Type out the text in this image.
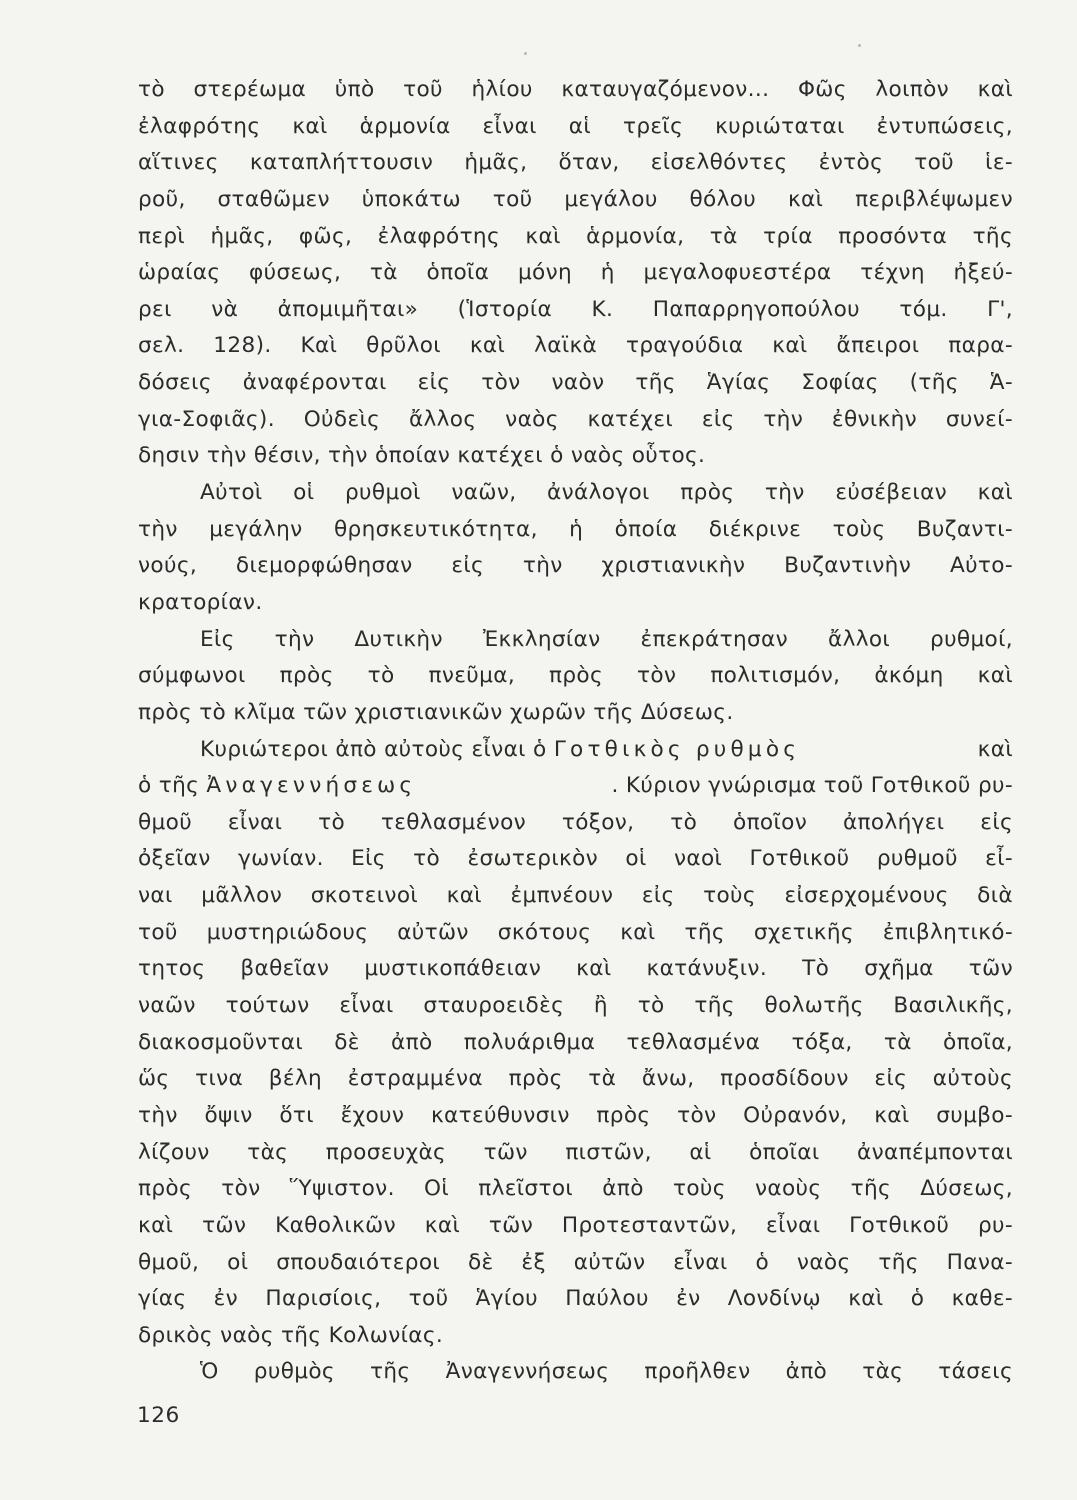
τὸ στερέωμα ὑπὸ τοῦ ἡλίου καταυγαζόμενον... Φῶς λοιπὸν καὶ
ἐλαφρότης καὶ ἁρμονία εἶναι αἱ τρεῖς κυριώταται ἐντυπώσεις,
αἵτινες καταπλήττουσιν ἡμᾶς, ὅταν, εἰσελθόντες ἐντὸς τοῦ ἱε-
ροῦ, σταθῶμεν ὑποκάτω τοῦ μεγάλου θόλου καὶ περιβλέψωμεν
περὶ ἡμᾶς, φῶς, ἐλαφρότης καὶ ἁρμονία, τὰ τρία προσόντα τῆς
ὡραίας φύσεως, τὰ ὁποῖα μόνη ἡ μεγαλοφυεστέρα τέχνη ἠξεύ-
ρει νὰ ἀπομιμῆται» (Ἱστορία Κ. Παπαρρηγοπούλου τόμ. Γ',
σελ. 128). Καὶ θρῦλοι καὶ λαϊκὰ τραγούδια καὶ ἄπειροι παρα-
δόσεις ἀναφέρονται εἰς τὸν ναὸν τῆς Ἁγίας Σοφίας (τῆς Ἁ-
για-Σοφιᾶς). Οὐδεὶς ἄλλος ναὸς κατέχει εἰς τὴν ἐθνικὴν συνεί-
δησιν τὴν θέσιν, τὴν ὁποίαν κατέχει ὁ ναὸς οὗτος.
Αὐτοὶ οἱ ρυθμοὶ ναῶν, ἀνάλογοι πρὸς τὴν εὐσέβειαν καὶ
τὴν μεγάλην θρησκευτικότητα, ἡ ὁποία διέκρινε τοὺς Βυζαντι-
νούς, διεμορφώθησαν εἰς τὴν χριστιανικὴν Βυζαντινὴν Αὐτο-
κρατορίαν.
Εἰς τὴν Δυτικὴν Ἐκκλησίαν ἐπεκράτησαν ἄλλοι ρυθμοί,
σύμφωνοι πρὸς τὸ πνεῦμα, πρὸς τὸν πολιτισμόν, ἀκόμη καὶ
πρὸς τὸ κλῖμα τῶν χριστιανικῶν χωρῶν τῆς Δύσεως.
Κυριώτεροι ἀπὸ αὐτοὺς εἶναι ὁ Γοτθικὸς ρυθμὸς	καὶ
ὁ τῆς Ἀναγεννήσεως	. Κύριον γνώρισμα τοῦ Γοτθικοῦ ρυ-
θμοῦ εἶναι τὸ τεθλασμένον τόξον, τὸ ὁποῖον ἀπολήγει εἰς
ὀξεῖαν γωνίαν. Εἰς τὸ ἐσωτερικὸν οἱ ναοὶ Γοτθικοῦ ρυθμοῦ εἶ-
ναι μᾶλλον σκοτεινοὶ καὶ ἐμπνέουν εἰς τοὺς εἰσερχομένους διὰ
τοῦ μυστηριώδους αὐτῶν σκότους καὶ τῆς σχετικῆς ἐπιβλητικό-
τητος βαθεῖαν μυστικοπάθειαν καὶ κατάνυξιν. Τὸ σχῆμα τῶν
ναῶν τούτων εἶναι σταυροειδὲς ἢ τὸ τῆς θολωτῆς Βασιλικῆς,
διακοσμοῦνται δὲ ἀπὸ πολυάριθμα τεθλασμένα τόξα, τὰ ὁποῖα,
ὥς τινα βέλη ἐστραμμένα πρὸς τὰ ἄνω, προσδίδουν εἰς αὐτοὺς
τὴν ὄψιν ὅτι ἔχουν κατεύθυνσιν πρὸς τὸν Οὐρανόν, καὶ συμβο-
λίζουν τὰς προσευχὰς τῶν πιστῶν, αἱ ὁποῖαι ἀναπέμπονται
πρὸς τὸν Ὕψιστον. Οἱ πλεῖστοι ἀπὸ τοὺς ναοὺς τῆς Δύσεως,
καὶ τῶν Καθολικῶν καὶ τῶν Προτεσταντῶν, εἶναι Γοτθικοῦ ρυ-
θμοῦ, οἱ σπουδαιότεροι δὲ ἐξ αὐτῶν εἶναι ὁ ναὸς τῆς Πανα-
γίας ἐν Παρισίοις, τοῦ Ἁγίου Παύλου ἐν Λονδίνῳ καὶ ὁ καθε-
δρικὸς ναὸς τῆς Κολωνίας.
Ὁ ρυθμὸς τῆς Ἀναγεννήσεως προῆλθεν ἀπὸ τὰς τάσεις
126
